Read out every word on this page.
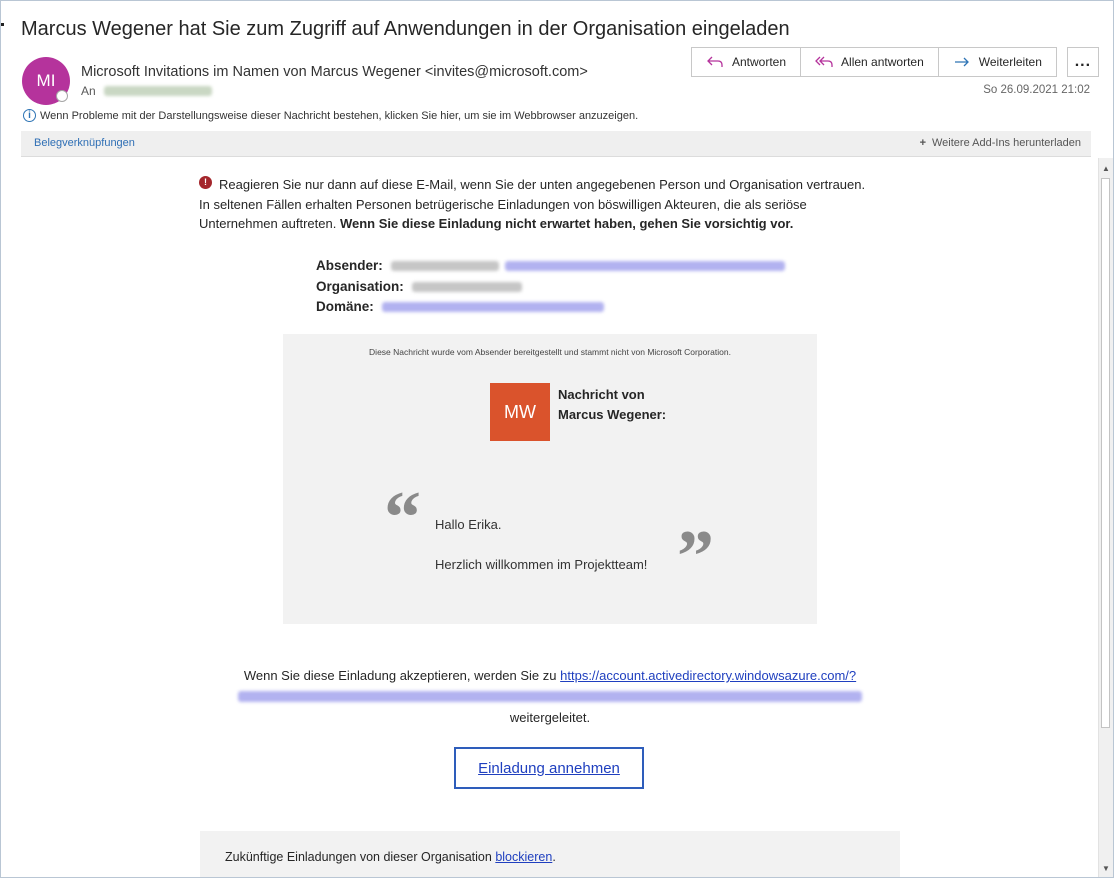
Marcus Wegener hat Sie zum Zugriff auf Anwendungen in der Organisation eingeladen
MI	Microsoft Invitations im Namen von Marcus Wegener <invites@microsoft.com>
An
Antworten	Allen antworten	Weiterleiten	...
So 26.09.2021 21:02
i Wenn Probleme mit der Darstellungsweise dieser Nachricht bestehen, klicken Sie hier, um sie im Webbrowser anzuzeigen.
Belegverknüpfungen	+ Weitere Add-Ins herunterladen
▲
▼
! Reagieren Sie nur dann auf diese E-Mail, wenn Sie der unten angegebenen Person und Organisation vertrauen. In seltenen Fällen erhalten Personen betrügerische Einladungen von böswilligen Akteuren, die als seriöse Unternehmen auftreten. Wenn Sie diese Einladung nicht erwartet haben, gehen Sie vorsichtig vor.

Absender:
Organisation:
Domäne:
Diese Nachricht wurde vom Absender bereitgestellt und stammt nicht von Microsoft Corporation.
MW
Nachricht von
Marcus Wegener:
“ Hallo Erika.
Herzlich willkommen im Projektteam! ”
Wenn Sie diese Einladung akzeptieren, werden Sie zu https://account.activedirectory.windowsazure.com/?

weitergeleitet.
Einladung annehmen
Zukünftige Einladungen von dieser Organisation blockieren.
